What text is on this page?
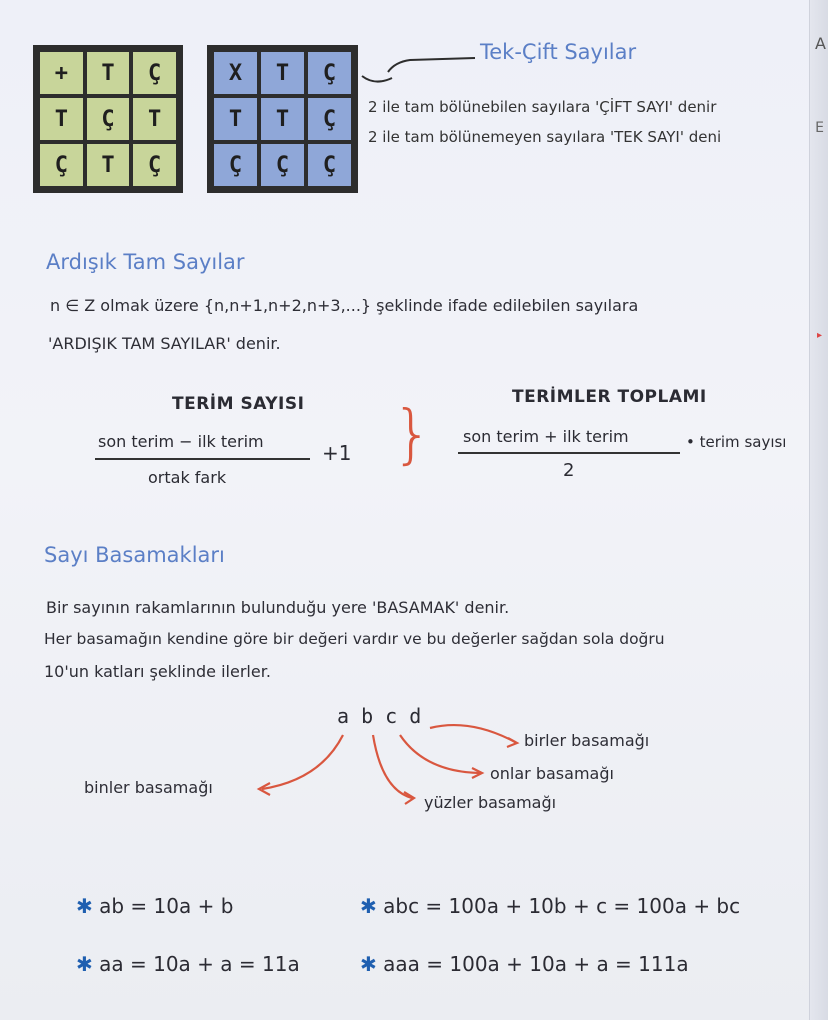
A
E
▸
+	T	Ç
T	Ç	T
Ç	T	Ç
X	T	Ç
T	T	Ç
Ç	Ç	Ç
Tek-Çift Sayılar
2 ile tam bölünebilen sayılara 'ÇİFT SAYI' denir
2 ile tam bölünemeyen sayılara 'TEK SAYI' deni
Ardışık Tam Sayılar
n ∈ Z olmak üzere {n,n+1,n+2,n+3,...} şeklinde ifade edilebilen sayılara
'ARDIŞIK TAM SAYILAR' denir.
TERİM SAYISI
son terim − ilk terim
ortak fark
+1 }
TERİMLER TOPLAMI
son terim + ilk terim
2
• terim sayısı
Sayı Basamakları
Bir sayının rakamlarının bulunduğu yere 'BASAMAK' denir.
Her basamağın kendine göre bir değeri vardır ve bu değerler sağdan sola doğru
10'un katları şeklinde ilerler.
a b c d
birler basamağı
onlar basamağı
yüzler basamağı
binler basamağı
✱ ab = 10a + b
✱ aa = 10a + a = 11a
✱ abc = 100a + 10b + c = 100a + bc
✱ aaa = 100a + 10a + a = 111a
